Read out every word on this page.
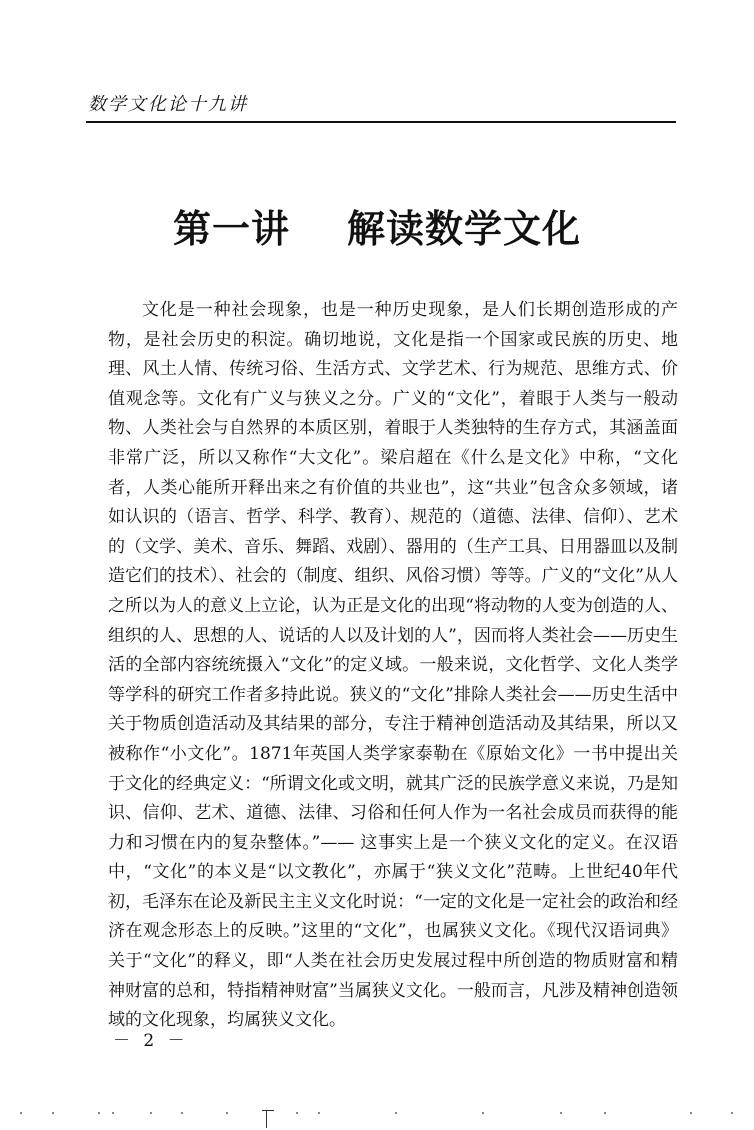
数学文化论十九讲
第一讲    解读数学文化

文化是一种社会现象，也是一种历史现象，是人们长期创造形成的产物，是社会历史的积淀。确切地说，文化是指一个国家或民族的历史、地理、风土人情、传统习俗、生活方式、文学艺术、行为规范、思维方式、价值观念等。文化有广义与狭义之分。广义的“文化”，着眼于人类与一般动物、人类社会与自然界的本质区别，着眼于人类独特的生存方式，其涵盖面非常广泛，所以又称作“大文化”。梁启超在《什么是文化》中称，“文化者，人类心能所开释出来之有价值的共业也”，这“共业”包含众多领域，诸如认识的（语言、哲学、科学、教育）、规范的（道德、法律、信仰）、艺术的（文学、美术、音乐、舞蹈、戏剧）、器用的（生产工具、日用器皿以及制造它们的技术）、社会的（制度、组织、风俗习惯）等等。广义的“文化”从人之所以为人的意义上立论，认为正是文化的出现“将动物的人变为创造的人、组织的人、思想的人、说话的人以及计划的人”，因而将人类社会——历史生活的全部内容统统摄入“文化”的定义域。一般来说，文化哲学、文化人类学等学科的研究工作者多持此说。狭义的“文化”排除人类社会——历史生活中关于物质创造活动及其结果的部分，专注于精神创造活动及其结果，所以又被称作“小文化”。1871年英国人类学家泰勒在《原始文化》一书中提出关于文化的经典定义：“所谓文化或文明，就其广泛的民族学意义来说，乃是知识、信仰、艺术、道德、法律、习俗和任何人作为一名社会成员而获得的能力和习惯在内的复杂整体。”—— 这事实上是一个狭义文化的定义。在汉语中，“文化”的本义是“以文教化”，亦属于“狭义文化”范畴。上世纪40年代初，毛泽东在论及新民主主义文化时说：“一定的文化是一定社会的政治和经济在观念形态上的反映。”这里的“文化”，也属狭义文化。《现代汉语词典》关于“文化”的释义，即“人类在社会历史发展过程中所创造的物质财富和精神财富的总和，特指精神财富”当属狭义文化。一般而言，凡涉及精神创造领域的文化现象，均属狭义文化。

－ 2 －
